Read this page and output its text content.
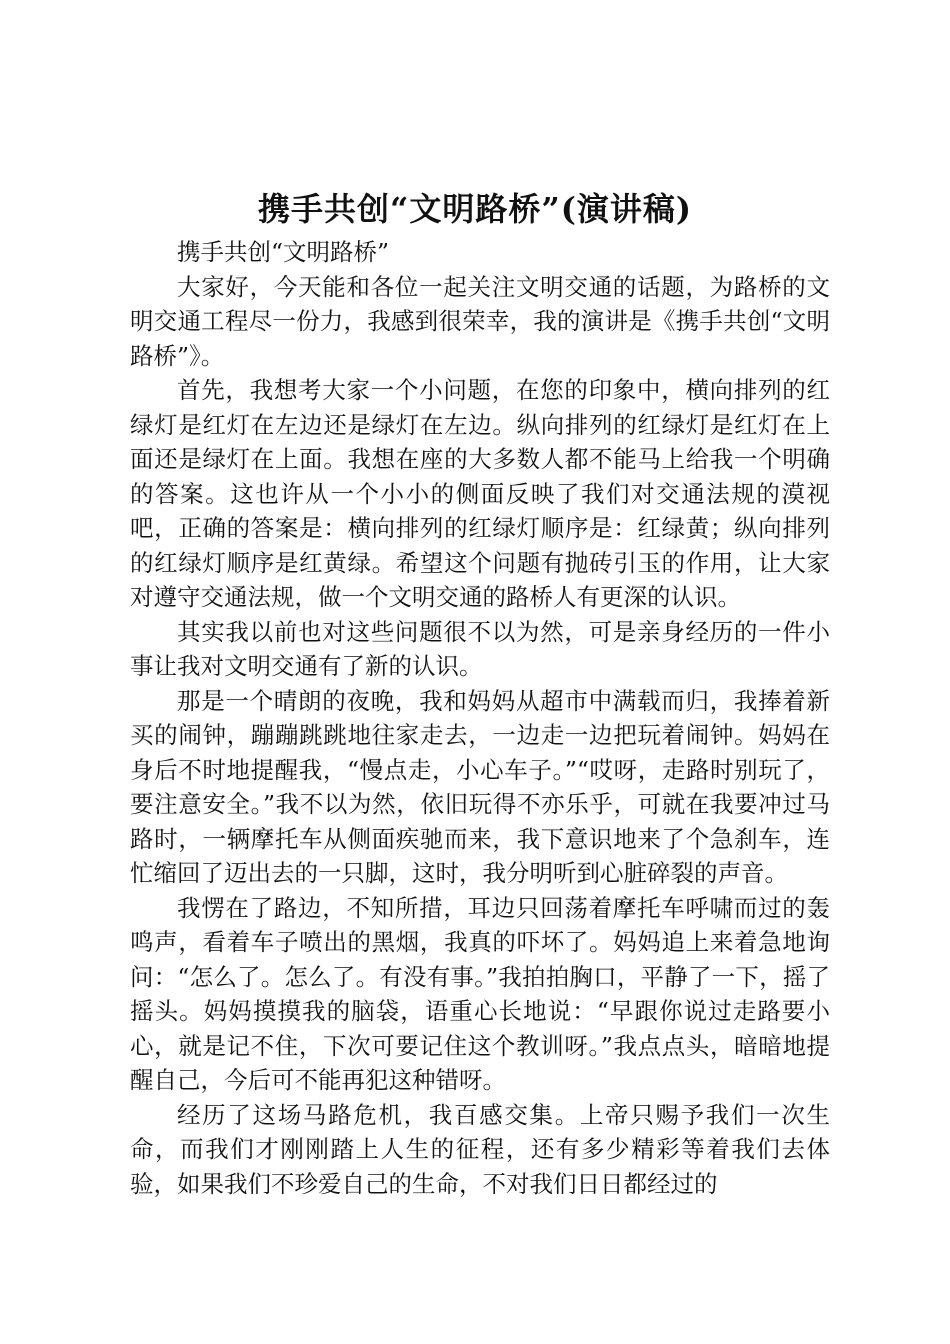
携手共创“文明路桥”(演讲稿)

携手共创“文明路桥”

大家好，今天能和各位一起关注文明交通的话题，为路桥的文明交通工程尽一份力，我感到很荣幸，我的演讲是《携手共创“文明路桥”》。

首先，我想考大家一个小问题，在您的印象中，横向排列的红绿灯是红灯在左边还是绿灯在左边。纵向排列的红绿灯是红灯在上面还是绿灯在上面。我想在座的大多数人都不能马上给我一个明确的答案。这也许从一个小小的侧面反映了我们对交通法规的漠视吧，正确的答案是：横向排列的红绿灯顺序是：红绿黄；纵向排列的红绿灯顺序是红黄绿。希望这个问题有抛砖引玉的作用，让大家对遵守交通法规，做一个文明交通的路桥人有更深的认识。

其实我以前也对这些问题很不以为然，可是亲身经历的一件小事让我对文明交通有了新的认识。

那是一个晴朗的夜晚，我和妈妈从超市中满载而归，我捧着新买的闹钟，蹦蹦跳跳地往家走去，一边走一边把玩着闹钟。妈妈在身后不时地提醒我，“慢点走，小心车子。”“哎呀，走路时别玩了，要注意安全。”我不以为然，依旧玩得不亦乐乎，可就在我要冲过马路时，一辆摩托车从侧面疾驰而来，我下意识地来了个急刹车，连忙缩回了迈出去的一只脚，这时，我分明听到心脏碎裂的声音。

我愣在了路边，不知所措，耳边只回荡着摩托车呼啸而过的轰鸣声，看着车子喷出的黑烟，我真的吓坏了。妈妈追上来着急地询问：“怎么了。怎么了。有没有事。”我拍拍胸口，平静了一下，摇了摇头。妈妈摸摸我的脑袋，语重心长地说：“早跟你说过走路要小心，就是记不住，下次可要记住这个教训呀。”我点点头，暗暗地提醒自己，今后可不能再犯这种错呀。

经历了这场马路危机，我百感交集。上帝只赐予我们一次生命，而我们才刚刚踏上人生的征程，还有多少精彩等着我们去体验，如果我们不珍爱自己的生命，不对我们日日都经过的
